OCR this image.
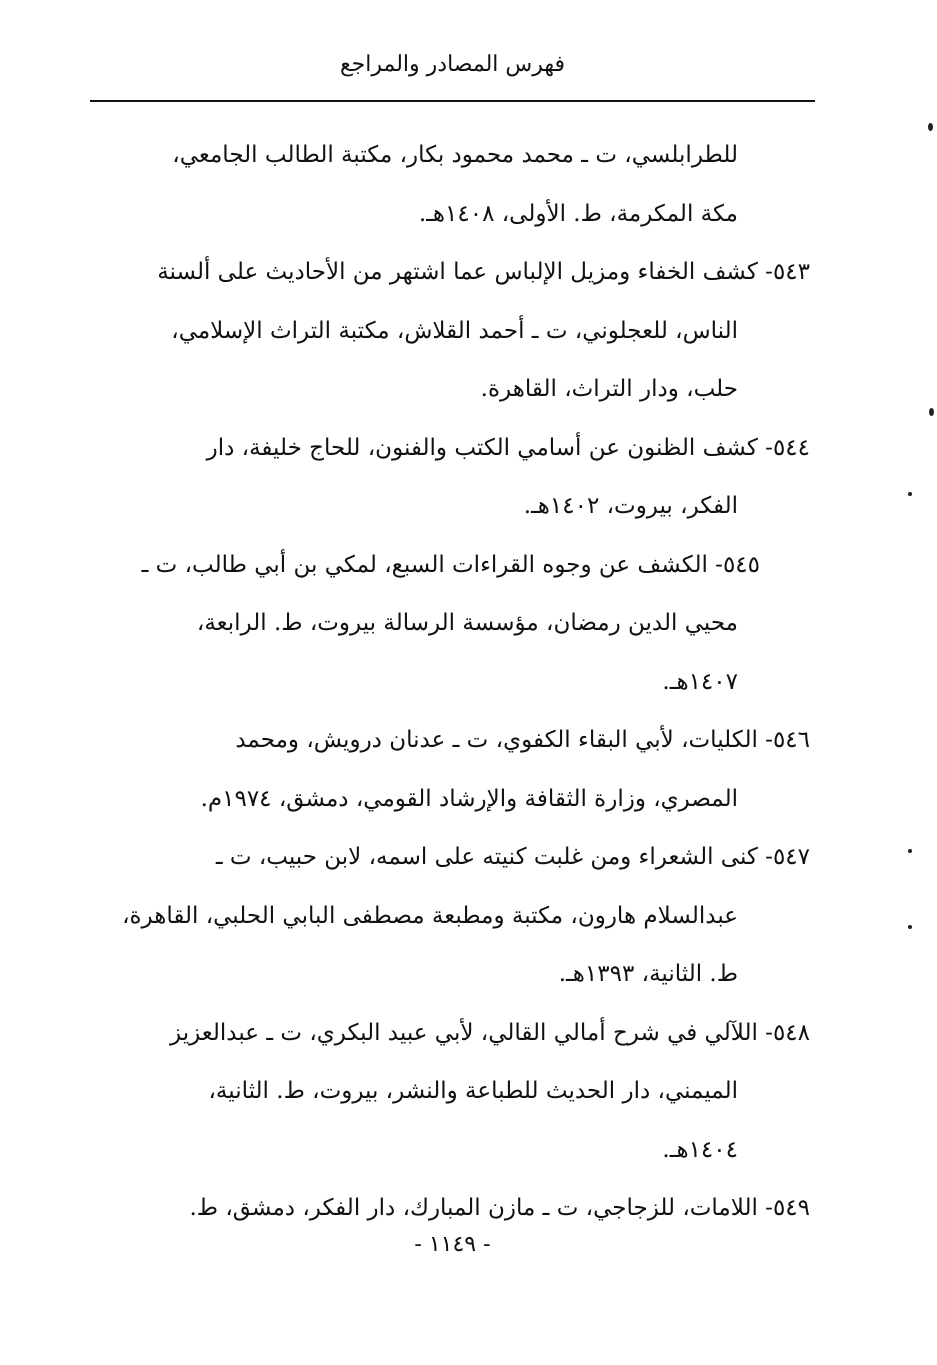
فهرس المصادر والمراجع
للطرابلسي، ت ـ محمد محمود بكار، مكتبة الطالب الجامعي،
مكة المكرمة، ط. الأولى، ١٤٠٨هـ.
٥٤٣- كشف الخفاء ومزيل الإلباس عما اشتهر من الأحاديث على ألسنة
الناس، للعجلوني، ت ـ أحمد القلاش، مكتبة التراث الإسلامي،
حلب، ودار التراث، القاهرة.
٥٤٤- كشف الظنون عن أسامي الكتب والفنون، للحاج خليفة، دار
الفكر، بيروت، ١٤٠٢هـ.
٥٤٥- الكشف عن وجوه القراءات السبع، لمكي بن أبي طالب، ت ـ
محيي الدين رمضان، مؤسسة الرسالة بيروت، ط. الرابعة،
١٤٠٧هـ.
٥٤٦- الكليات، لأبي البقاء الكفوي، ت ـ عدنان درويش، ومحمد
المصري، وزارة الثقافة والإرشاد القومي، دمشق، ١٩٧٤م.
٥٤٧- كنى الشعراء ومن غلبت كنيته على اسمه، لابن حبيب، ت ـ
عبدالسلام هارون، مكتبة ومطبعة مصطفى البابي الحلبي، القاهرة،
ط. الثانية، ١٣٩٣هـ.
٥٤٨- اللآلي في شرح أمالي القالي، لأبي عبيد البكري، ت ـ عبدالعزيز
الميمني، دار الحديث للطباعة والنشر، بيروت، ط. الثانية،
١٤٠٤هـ.
٥٤٩- اللامات، للزجاجي، ت ـ مازن المبارك، دار الفكر، دمشق، ط.
- ١١٤٩ -
